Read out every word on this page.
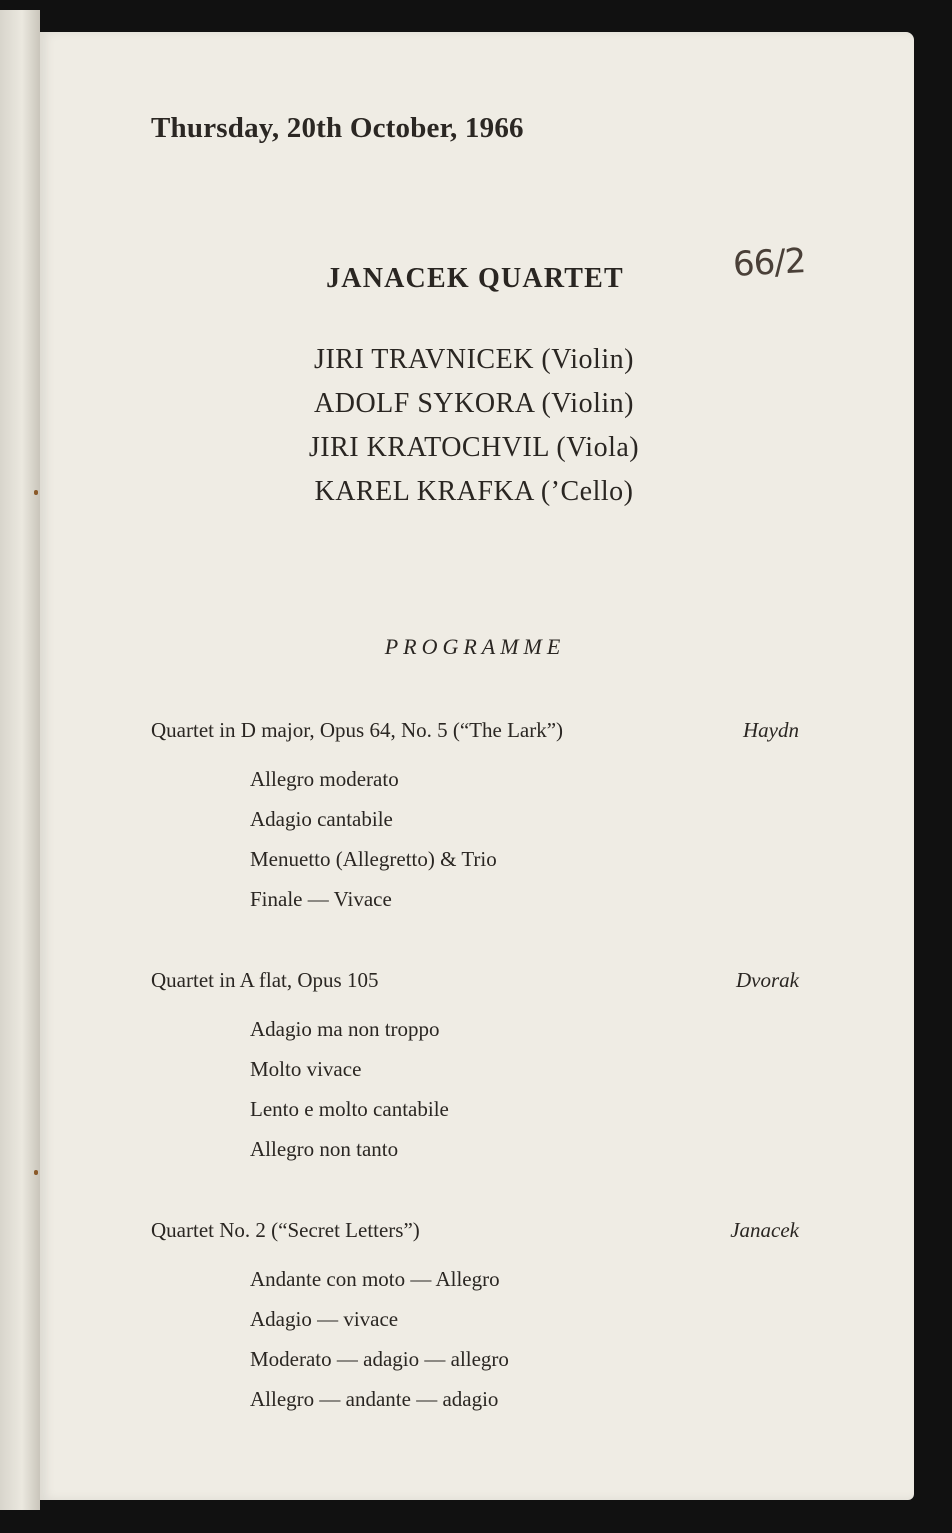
Thursday, 20th October, 1966
66/2
JANACEK QUARTET
JIRI TRAVNICEK (Violin)
ADOLF SYKORA (Violin)
JIRI KRATOCHVIL (Viola)
KAREL KRAFKA (’Cello)
PROGRAMME
Quartet in D major, Opus 64, No. 5 (“The Lark”)	Haydn
Allegro moderato
Adagio cantabile
Menuetto (Allegretto) & Trio
Finale — Vivace
Quartet in A flat, Opus 105	Dvorak
Adagio ma non troppo
Molto vivace
Lento e molto cantabile
Allegro non tanto
Quartet No. 2 (“Secret Letters”)	Janacek
Andante con moto — Allegro
Adagio — vivace
Moderato — adagio — allegro
Allegro — andante — adagio
